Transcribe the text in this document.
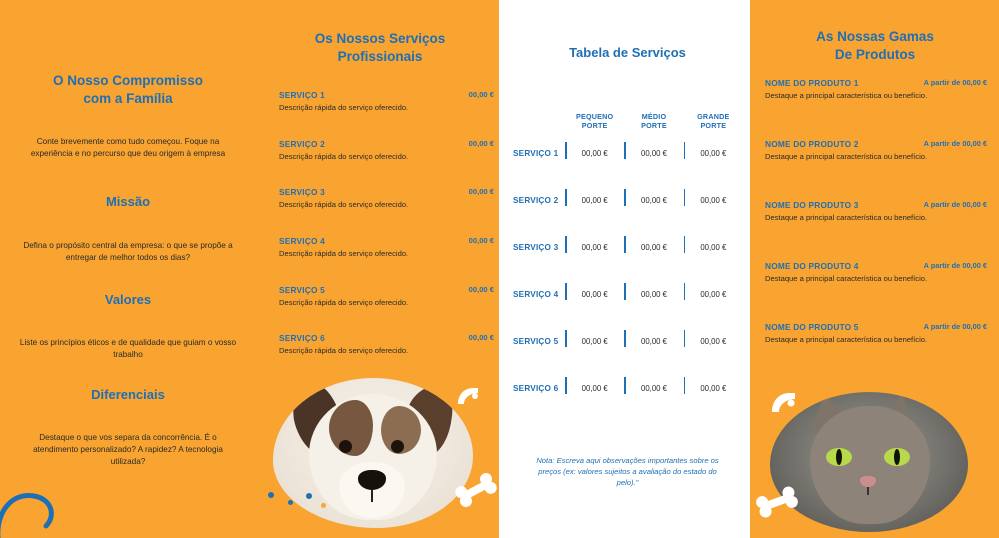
O Nosso Compromisso
com a Família
Conte brevemente como tudo começou. Foque na experiência e no percurso que deu origem à empresa
Missão
Defina o propósito central da empresa: o que se propõe a entregar de melhor todos os dias?
Valores
Liste os princípios éticos e de qualidade que guiam o vosso trabalho
Diferenciais
Destaque o que vos separa da concorrência. É o atendimento personalizado? A rapidez? A tecnologia utilizada?
Os Nossos Serviços
Profissionais
SERVIÇO 1	00,00 €
Descrição rápida do serviço oferecido.
SERVIÇO 2	00,00 €
Descrição rápida do serviço oferecido.
SERVIÇO 3	00,00 €
Descrição rápida do serviço oferecido.
SERVIÇO 4	00,00 €
Descrição rápida do serviço oferecido.
SERVIÇO 5	00,00 €
Descrição rápida do serviço oferecido.
SERVIÇO 6	00,00 €
Descrição rápida do serviço oferecido.
Tabela de Serviços
PEQUENO
PORTE
MÉDIO
PORTE
GRANDE
PORTE
SERVIÇO 1	00,00 €	00,00 €	00,00 €
SERVIÇO 2	00,00 €	00,00 €	00,00 €
SERVIÇO 3	00,00 €	00,00 €	00,00 €
SERVIÇO 4	00,00 €	00,00 €	00,00 €
SERVIÇO 5	00,00 €	00,00 €	00,00 €
SERVIÇO 6	00,00 €	00,00 €	00,00 €
Nota: Escreva aqui observações importantes sobre os preços (ex: valores sujeitos a avaliação do estado do pelo)."
As Nossas Gamas
De Produtos
NOME DO PRODUTO 1	A partir de 00,00 €
Destaque a principal característica ou benefício.
NOME DO PRODUTO 2	A partir de 00,00 €
Destaque a principal característica ou benefício.
NOME DO PRODUTO 3	A partir de 00,00 €
Destaque a principal característica ou benefício.
NOME DO PRODUTO 4	A partir de 00,00 €
Destaque a principal característica ou benefício.
NOME DO PRODUTO 5	A partir de 00,00 €
Destaque a principal característica ou benefício.
